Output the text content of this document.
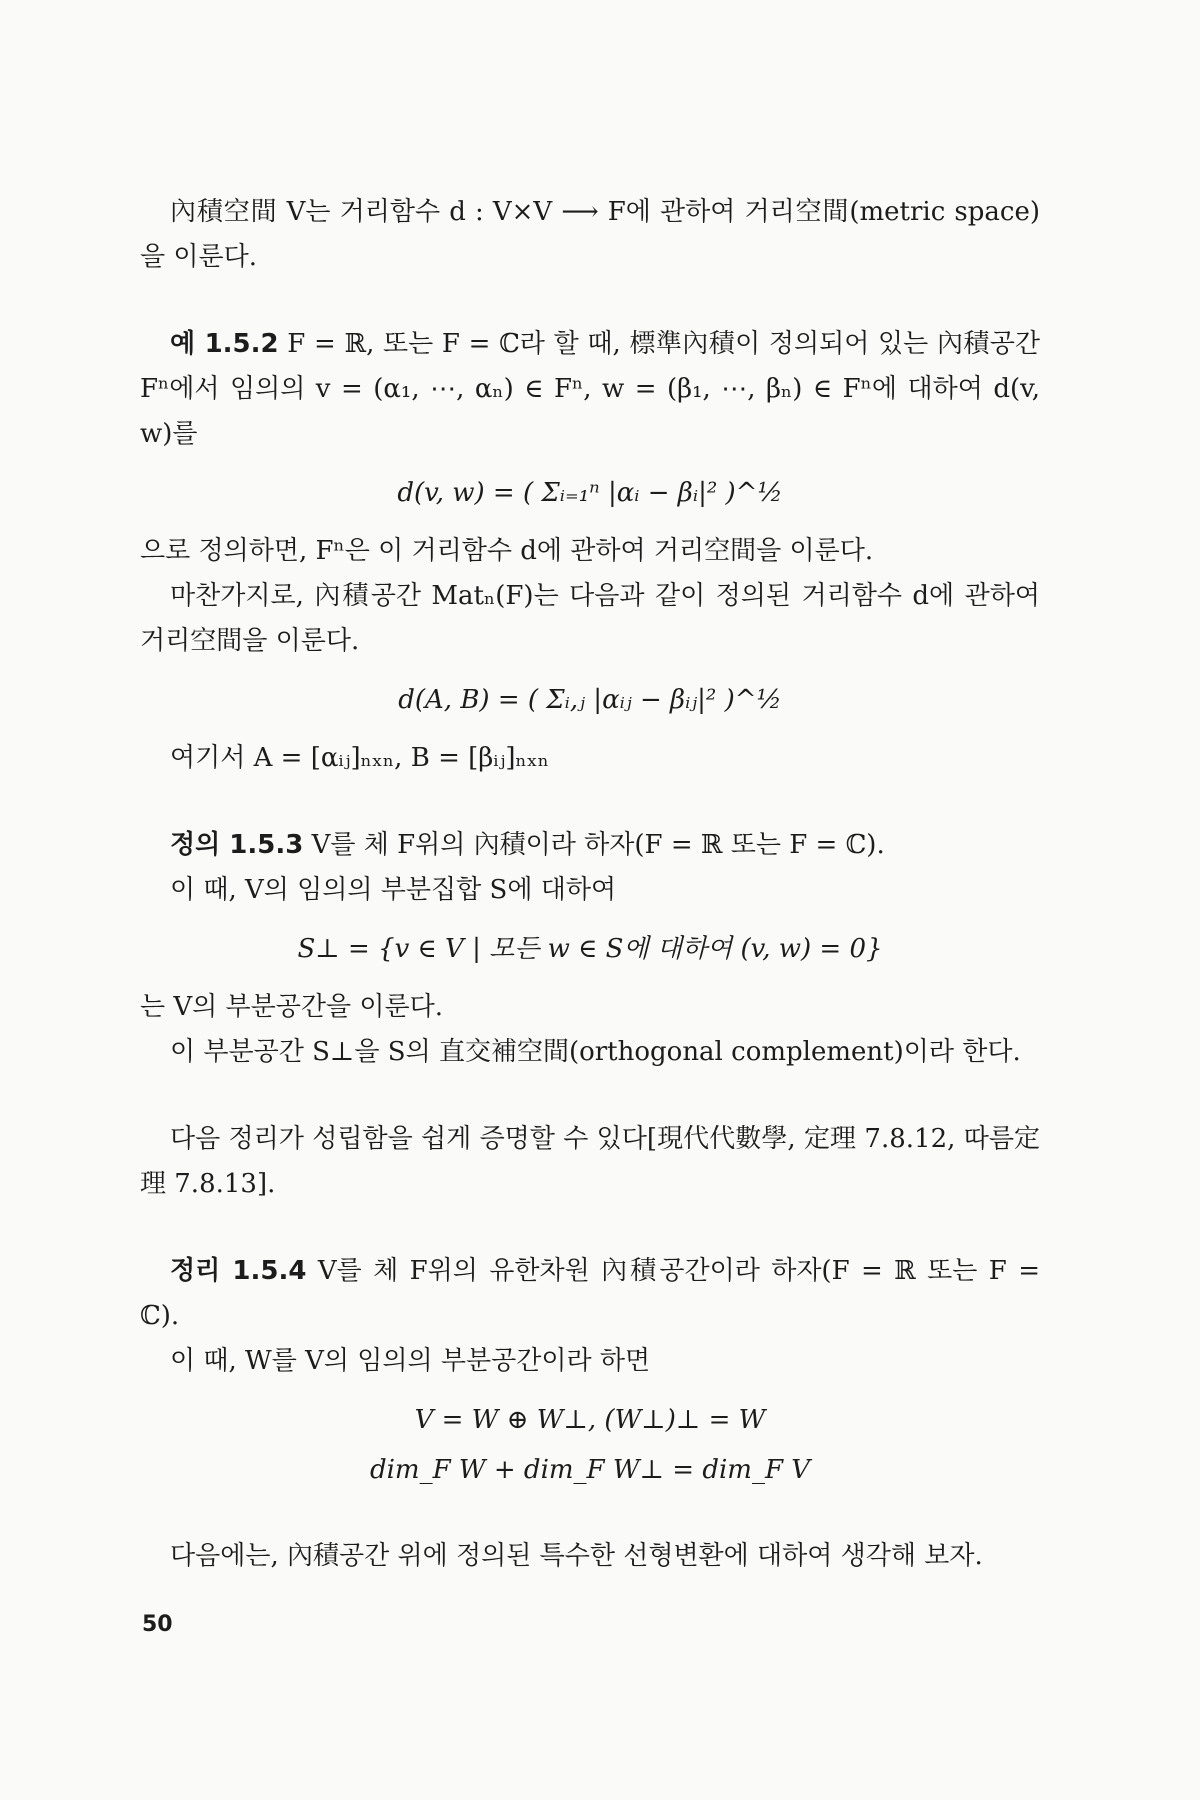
內積空間 V는 거리함수 d : V×V ⟶ F에 관하여 거리空間(metric space)을 이룬다.

예 1.5.2 F = ℝ, 또는 F = ℂ라 할 때, 標準內積이 정의되어 있는 內積공간 Fⁿ에서 임의의 v = (α₁, ⋯, αₙ) ∈ Fⁿ, w = (β₁, ⋯, βₙ) ∈ Fⁿ에 대하여 d(v, w)를

d(v, w) = ( Σᵢ₌₁ⁿ |αᵢ − βᵢ|² )^½

으로 정의하면, Fⁿ은 이 거리함수 d에 관하여 거리空間을 이룬다.

마찬가지로, 內積공간 Matₙ(F)는 다음과 같이 정의된 거리함수 d에 관하여 거리空間을 이룬다.

d(A, B) = ( Σᵢ,ⱼ |αᵢⱼ − βᵢⱼ|² )^½

여기서 A = [αᵢⱼ]ₙₓₙ, B = [βᵢⱼ]ₙₓₙ

정의 1.5.3 V를 체 F위의 內積이라 하자(F = ℝ 또는 F = ℂ).

이 때, V의 임의의 부분집합 S에 대하여

S⊥ = {v ∈ V | 모든 w ∈ S에 대하여 (v, w) = 0}

는 V의 부분공간을 이룬다.

이 부분공간 S⊥을 S의 直交補空間(orthogonal complement)이라 한다.

다음 정리가 성립함을 쉽게 증명할 수 있다[現代代數學, 定理 7.8.12, 따름定理 7.8.13].

정리 1.5.4 V를 체 F위의 유한차원 內積공간이라 하자(F = ℝ 또는 F = ℂ).

이 때, W를 V의 임의의 부분공간이라 하면

V = W ⊕ W⊥, (W⊥)⊥ = W
dim_F W + dim_F W⊥ = dim_F V

다음에는, 內積공간 위에 정의된 특수한 선형변환에 대하여 생각해 보자.

50
